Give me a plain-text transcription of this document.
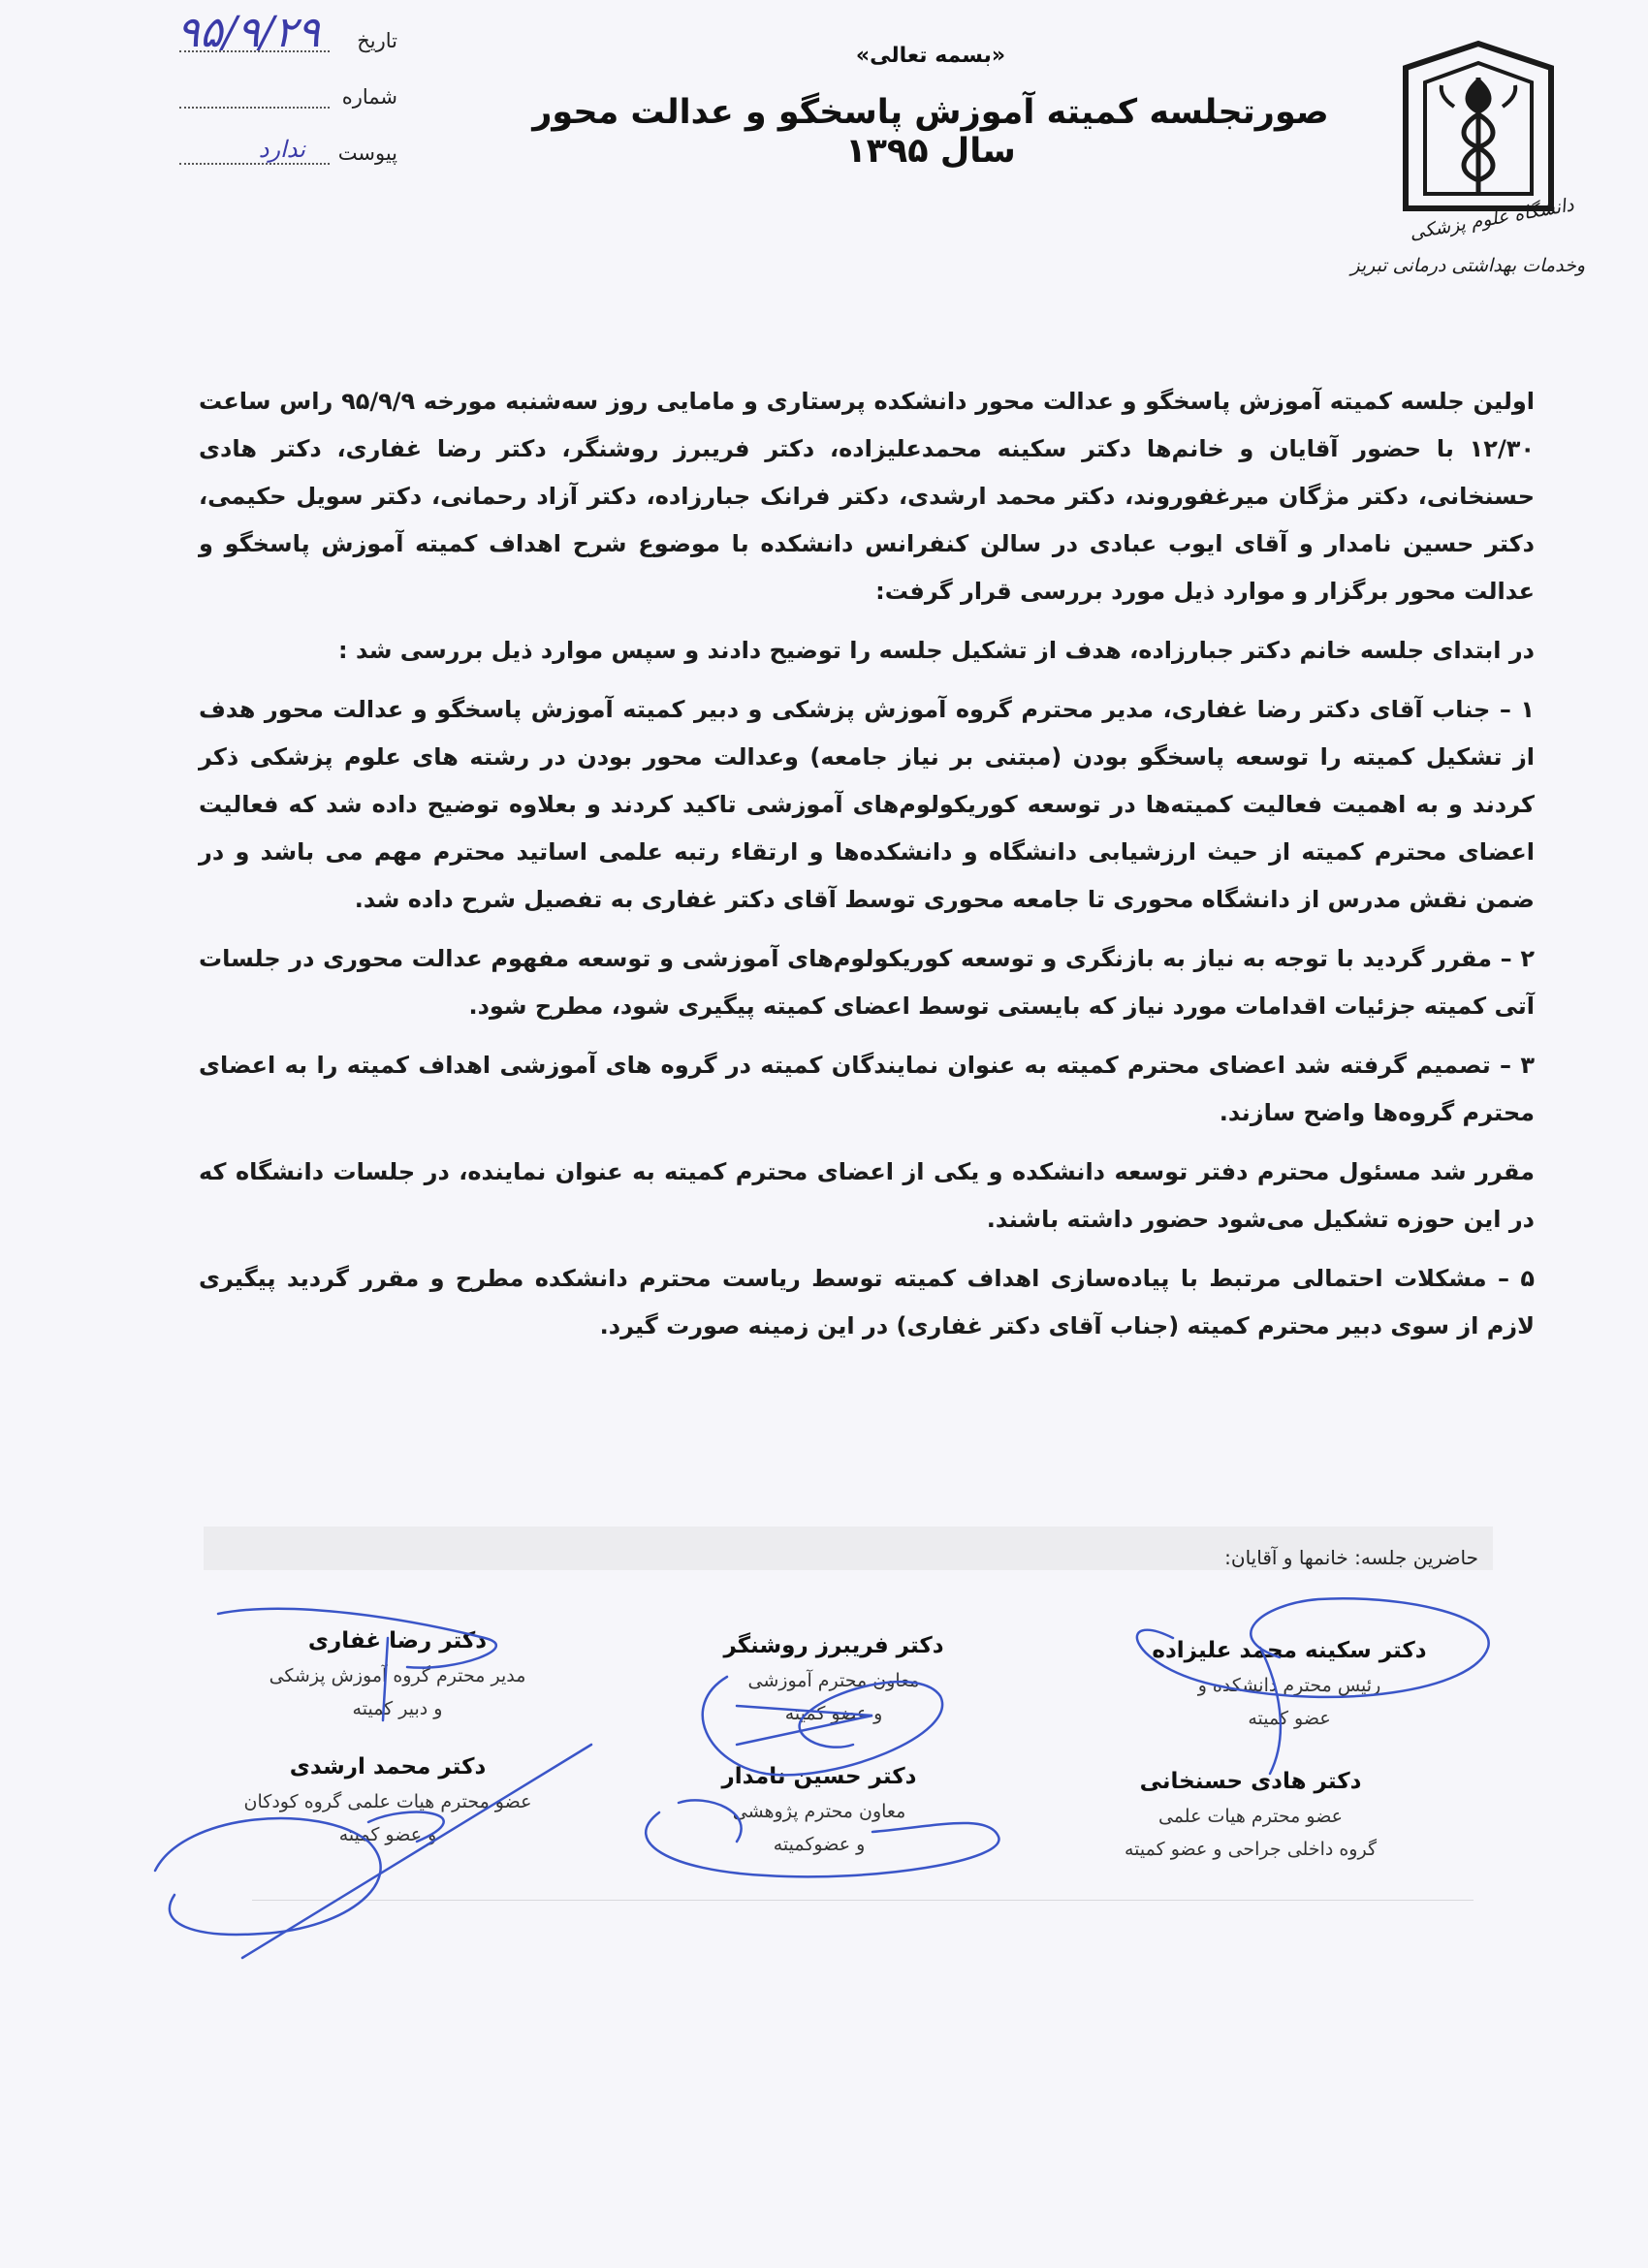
تاریخ
۹۵/۹/۲۹
شماره
پیوست
ندارد
«بسمه تعالی»
صورتجلسه کمیته آموزش پاسخگو و عدالت محور سال ۱۳۹۵
دانشگاه علوم پزشکی
وخدمات بهداشتی درمانی تبریز

اولین جلسه کمیته آموزش پاسخگو و عدالت محور دانشکده پرستاری و مامایی روز سه‌شنبه مورخه ۹۵/۹/۹ راس ساعت ۱۲/۳۰ با حضور آقایان و خانم‌ها دکتر سکینه محمدعلیزاده، دکتر فریبرز روشنگر، دکتر رضا غفاری، دکتر هادی حسنخانی، دکتر مژگان میرغفوروند، دکتر محمد ارشدی، دکتر فرانک جبارزاده، دکتر آزاد رحمانی، دکتر سویل حکیمی، دکتر حسین نامدار و آقای ایوب عبادی در سالن کنفرانس دانشکده با موضوع شرح اهداف کمیته آموزش پاسخگو و عدالت محور برگزار و موارد ذیل مورد بررسی قرار گرفت:

در ابتدای جلسه خانم دکتر جبارزاده، هدف از تشکیل جلسه را توضیح دادند و سپس موارد ذیل بررسی شد :

۱ – جناب آقای دکتر رضا غفاری، مدیر محترم گروه آموزش پزشکی و دبیر کمیته آموزش پاسخگو و عدالت محور هدف از تشکیل کمیته را توسعه پاسخگو بودن (مبتنی بر نیاز جامعه) وعدالت محور بودن در رشته های علوم پزشکی ذکر کردند و به اهمیت فعالیت کمیته‌ها در توسعه کوریکولوم‌های آموزشی تاکید کردند و بعلاوه توضیح داده شد که فعالیت اعضای محترم کمیته از حیث ارزشیابی دانشگاه و دانشکده‌ها و ارتقاء رتبه علمی اساتید محترم مهم می باشد و در ضمن نقش مدرس از دانشگاه محوری تا جامعه محوری توسط آقای دکتر غفاری به تفصیل شرح داده شد.

۲ – مقرر گردید با توجه به نیاز به بازنگری و توسعه کوریکولوم‌های آموزشی و توسعه مفهوم عدالت محوری در جلسات آتی کمیته جزئیات اقدامات مورد نیاز که بایستی توسط اعضای کمیته پیگیری شود، مطرح شود.

۳ – تصمیم گرفته شد اعضای محترم کمیته به عنوان نمایندگان کمیته در گروه های آموزشی اهداف کمیته را به اعضای محترم گروه‌ها واضح سازند.

مقرر شد مسئول محترم دفتر توسعه دانشکده و یکی از اعضای محترم کمیته به عنوان نماینده، در جلسات دانشگاه که در این حوزه تشکیل می‌شود حضور داشته باشند.

۵ – مشکلات احتمالی مرتبط با پیاده‌سازی اهداف کمیته توسط ریاست محترم دانشکده مطرح و مقرر گردید پیگیری لازم از سوی دبیر محترم کمیته (جناب آقای دکتر غفاری) در این زمینه صورت گیرد.

حاضرین جلسه: خانمها و آقایان:
دکتر سکینه محمد علیزاده
رئیس محترم دانشکده و
عضو کمیته
دکتر هادی حسنخانی
عضو محترم هیات علمی
گروه داخلی جراحی و عضو کمیته
دکتر فریبرز روشنگر
معاون محترم آموزشی
و عضو کمیته
دکتر حسین نامدار
معاون محترم پژوهشی
و عضوکمیته
دکتر رضا غفاری
مدیر محترم گروه آموزش پزشکی
و دبیر کمیته
دکتر محمد ارشدی
عضو محترم هیات علمی گروه کودکان
و عضو کمیته
